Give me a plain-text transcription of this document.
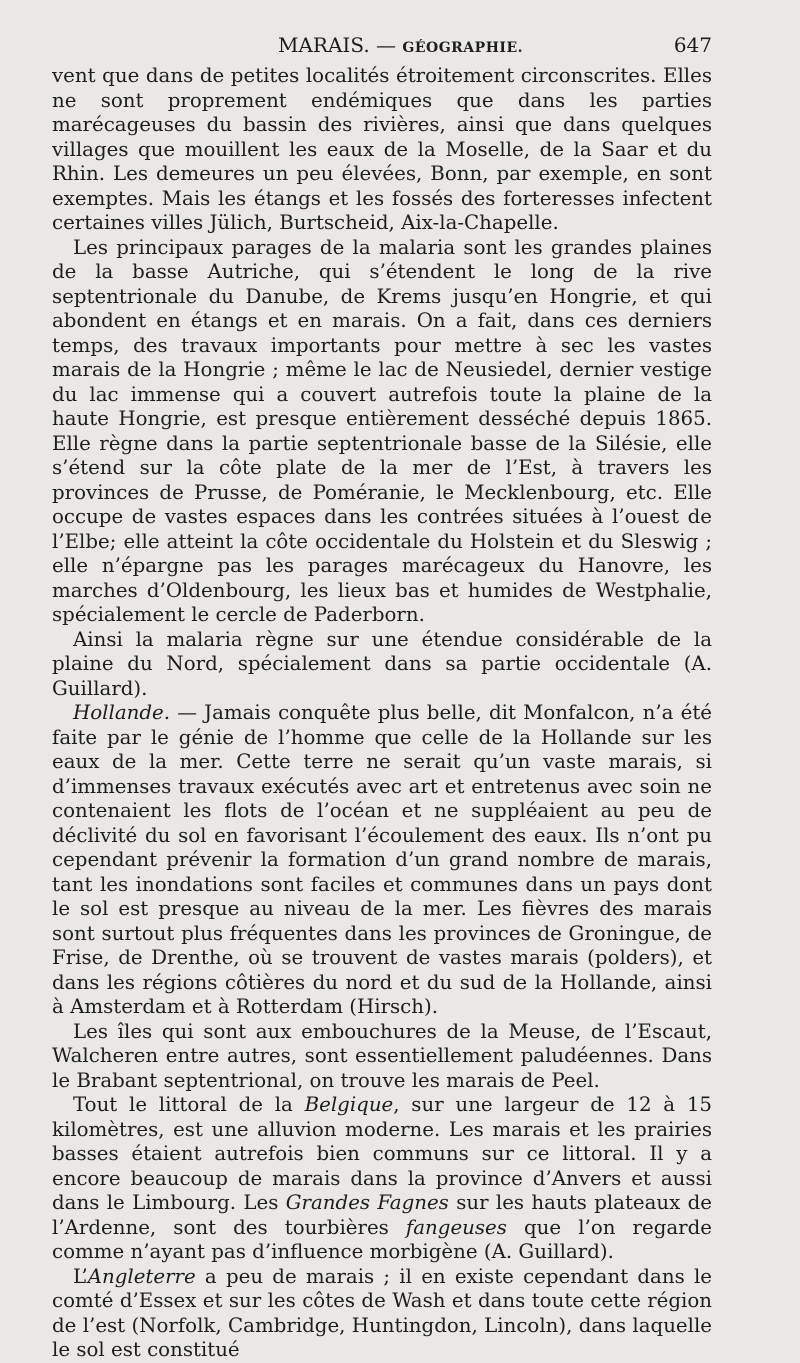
MARAIS. — GÉOGRAPHIE.	647

vent que dans de petites localités étroitement circonscrites. Elles ne sont proprement endémiques que dans les parties marécageuses du bassin des rivières, ainsi que dans quelques villages que mouillent les eaux de la Moselle, de la Saar et du Rhin. Les demeures un peu élevées, Bonn, par exemple, en sont exemptes. Mais les étangs et les fossés des forteresses infectent certaines villes Jülich, Burtscheid, Aix-la-Chapelle.

Les principaux parages de la malaria sont les grandes plaines de la basse Autriche, qui s’étendent le long de la rive septentrionale du Danube, de Krems jusqu’en Hongrie, et qui abondent en étangs et en marais. On a fait, dans ces derniers temps, des travaux importants pour mettre à sec les vastes marais de la Hongrie ; même le lac de Neusiedel, dernier vestige du lac immense qui a couvert autrefois toute la plaine de la haute Hongrie, est presque entièrement desséché depuis 1865. Elle règne dans la partie septentrionale basse de la Silésie, elle s’étend sur la côte plate de la mer de l’Est, à travers les provinces de Prusse, de Poméranie, le Mecklenbourg, etc. Elle occupe de vastes espaces dans les contrées situées à l’ouest de l’Elbe; elle atteint la côte occidentale du Holstein et du Sleswig ; elle n’épargne pas les parages marécageux du Hanovre, les marches d’Oldenbourg, les lieux bas et humides de Westphalie, spécialement le cercle de Paderborn.

Ainsi la malaria règne sur une étendue considérable de la plaine du Nord, spécialement dans sa partie occidentale (A. Guillard).

Hollande. — Jamais conquête plus belle, dit Monfalcon, n’a été faite par le génie de l’homme que celle de la Hollande sur les eaux de la mer. Cette terre ne serait qu’un vaste marais, si d’immenses travaux exécutés avec art et entretenus avec soin ne contenaient les flots de l’océan et ne suppléaient au peu de déclivité du sol en favorisant l’écoulement des eaux. Ils n’ont pu cependant prévenir la formation d’un grand nombre de marais, tant les inondations sont faciles et communes dans un pays dont le sol est presque au niveau de la mer. Les fièvres des marais sont surtout plus fréquentes dans les provinces de Groningue, de Frise, de Drenthe, où se trouvent de vastes marais (polders), et dans les régions côtières du nord et du sud de la Hollande, ainsi à Amsterdam et à Rotterdam (Hirsch).

Les îles qui sont aux embouchures de la Meuse, de l’Escaut, Walcheren entre autres, sont essentiellement paludéennes. Dans le Brabant septentrional, on trouve les marais de Peel.

Tout le littoral de la Belgique, sur une largeur de 12 à 15 kilomètres, est une alluvion moderne. Les marais et les prairies basses étaient autrefois bien communs sur ce littoral. Il y a encore beaucoup de marais dans la province d’Anvers et aussi dans le Limbourg. Les Grandes Fagnes sur les hauts plateaux de l’Ardenne, sont des tourbières fangeuses que l’on regarde comme n’ayant pas d’influence morbigène (A. Guillard).

L’Angleterre a peu de marais ; il en existe cependant dans le comté d’Essex et sur les côtes de Wash et dans toute cette région de l’est (Norfolk, Cambridge, Huntingdon, Lincoln), dans laquelle le sol est constitué
